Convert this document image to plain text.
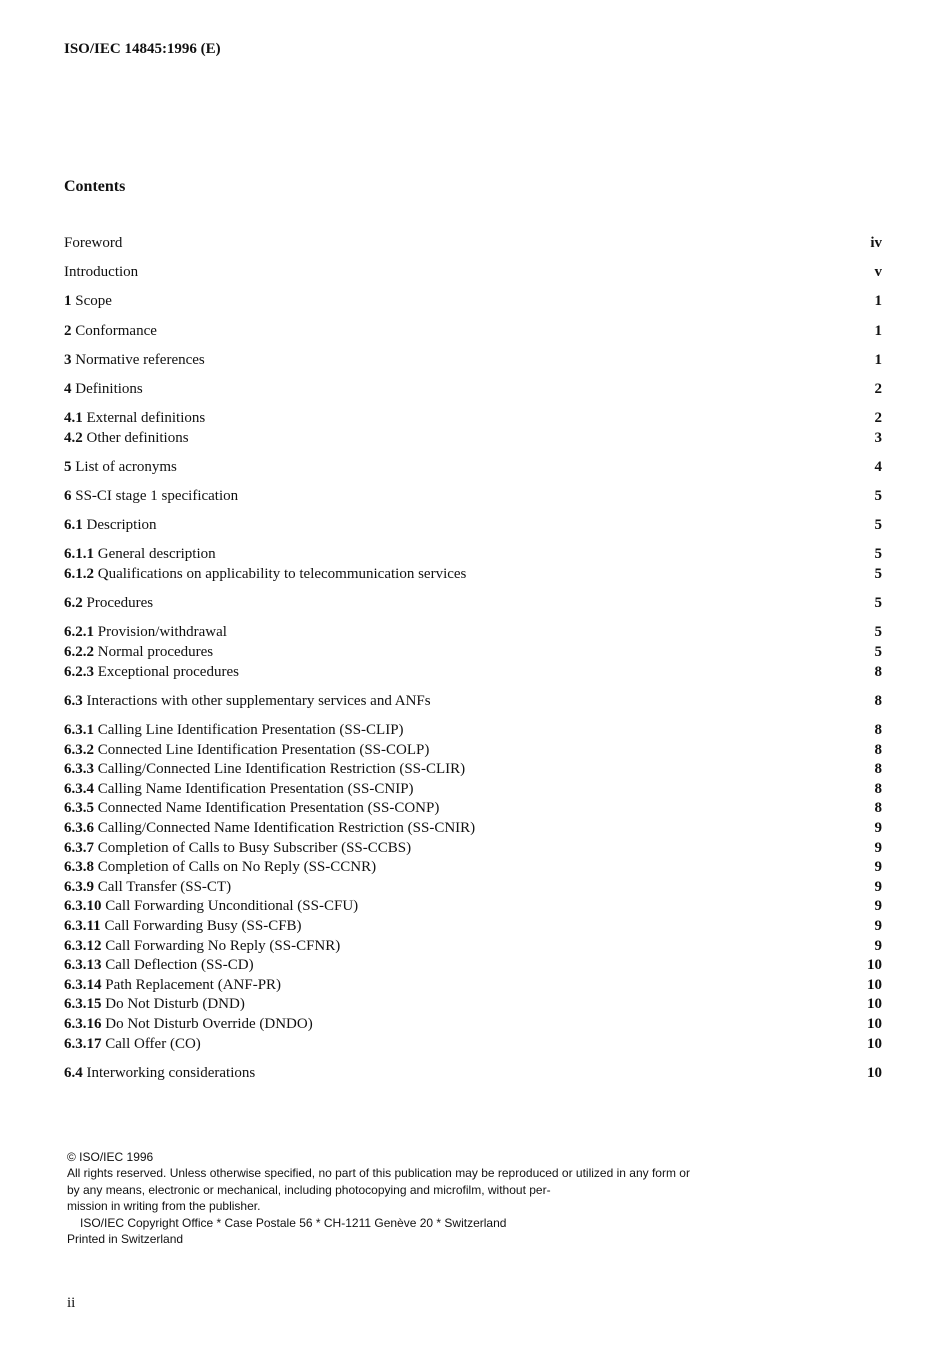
ISO/IEC 14845:1996 (E)
Contents
Foreword	iv
Introduction	v
1 Scope	1
2 Conformance	1
3 Normative references	1
4 Definitions	2
4.1 External definitions	2
4.2 Other definitions	3
5 List of acronyms	4
6 SS-CI stage 1 specification	5
6.1 Description	5
6.1.1 General description	5
6.1.2 Qualifications on applicability to telecommunication services	5
6.2 Procedures	5
6.2.1 Provision/withdrawal	5
6.2.2 Normal procedures	5
6.2.3 Exceptional procedures	8
6.3 Interactions with other supplementary services and ANFs	8
6.3.1 Calling Line Identification Presentation (SS-CLIP)	8
6.3.2 Connected Line Identification Presentation (SS-COLP)	8
6.3.3 Calling/Connected Line Identification Restriction (SS-CLIR)	8
6.3.4 Calling Name Identification Presentation (SS-CNIP)	8
6.3.5 Connected Name Identification Presentation (SS-CONP)	8
6.3.6 Calling/Connected Name Identification Restriction (SS-CNIR)	9
6.3.7 Completion of Calls to Busy Subscriber (SS-CCBS)	9
6.3.8 Completion of Calls on No Reply (SS-CCNR)	9
6.3.9 Call Transfer (SS-CT)	9
6.3.10 Call Forwarding Unconditional (SS-CFU)	9
6.3.11 Call Forwarding Busy (SS-CFB)	9
6.3.12 Call Forwarding No Reply (SS-CFNR)	9
6.3.13 Call Deflection (SS-CD)	10
6.3.14 Path Replacement (ANF-PR)	10
6.3.15 Do Not Disturb (DND)	10
6.3.16 Do Not Disturb Override (DNDO)	10
6.3.17 Call Offer (CO)	10
6.4 Interworking considerations	10
© ISO/IEC 1996
All rights reserved. Unless otherwise specified, no part of this publication may be reproduced or utilized in any form or
by any means, electronic or mechanical, including photocopying and microfilm, without per-
mission in writing from the publisher.
ISO/IEC Copyright Office * Case Postale 56 * CH-1211 Genève 20 * Switzerland
Printed in Switzerland
ii
